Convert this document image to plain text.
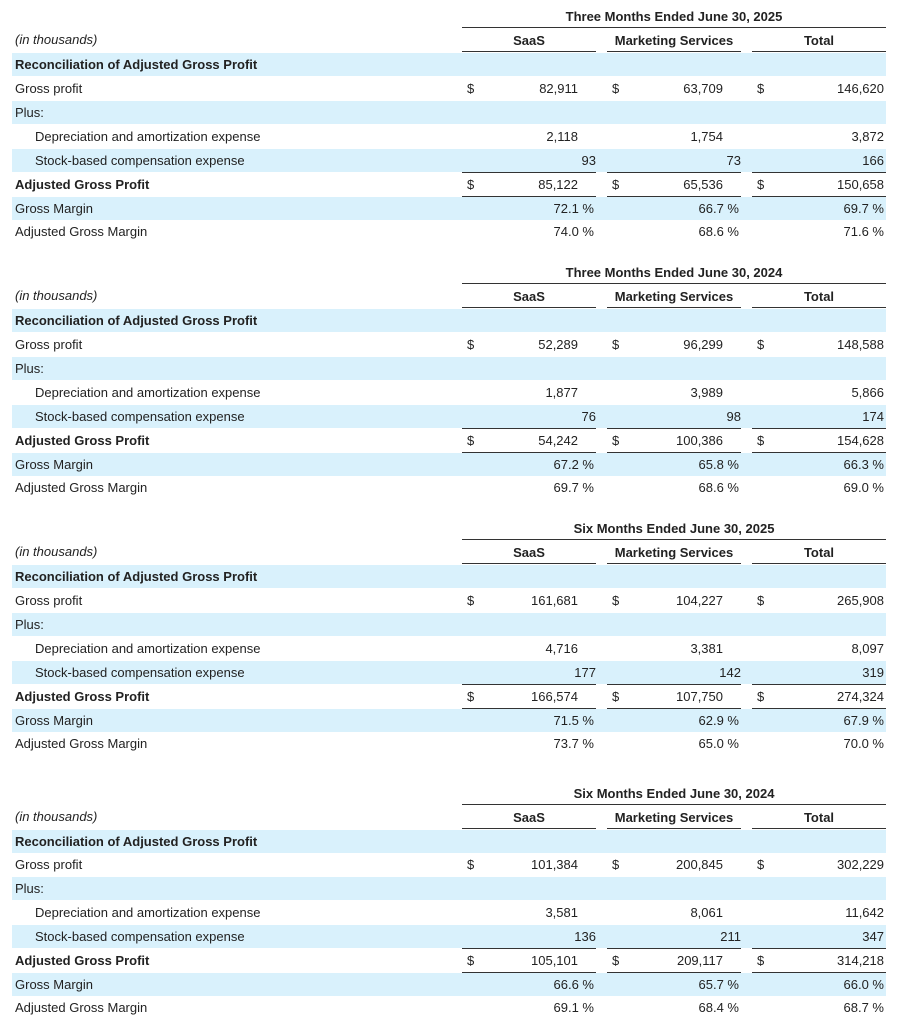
Three Months Ended June 30, 2025
(in thousands)	SaaS	Marketing Services	Total
Reconciliation of Adjusted Gross Profit
Gross profit	$	82,911	$	63,709	$	146,620
Plus:
Depreciation and amortization expense	2,118	1,754	3,872
Stock-based compensation expense	93	73	166
Adjusted Gross Profit	$	85,122	$	65,536	$	150,658
Gross Margin	72.1 %	66.7 %	69.7 %
Adjusted Gross Margin	74.0 %	68.6 %	71.6 %
Three Months Ended June 30, 2024
(in thousands)	SaaS	Marketing Services	Total
Reconciliation of Adjusted Gross Profit
Gross profit	$	52,289	$	96,299	$	148,588
Plus:
Depreciation and amortization expense	1,877	3,989	5,866
Stock-based compensation expense	76	98	174
Adjusted Gross Profit	$	54,242	$	100,386	$	154,628
Gross Margin	67.2 %	65.8 %	66.3 %
Adjusted Gross Margin	69.7 %	68.6 %	69.0 %
Six Months Ended June 30, 2025
(in thousands)	SaaS	Marketing Services	Total
Reconciliation of Adjusted Gross Profit
Gross profit	$	161,681	$	104,227	$	265,908
Plus:
Depreciation and amortization expense	4,716	3,381	8,097
Stock-based compensation expense	177	142	319
Adjusted Gross Profit	$	166,574	$	107,750	$	274,324
Gross Margin	71.5 %	62.9 %	67.9 %
Adjusted Gross Margin	73.7 %	65.0 %	70.0 %
Six Months Ended June 30, 2024
(in thousands)	SaaS	Marketing Services	Total
Reconciliation of Adjusted Gross Profit
Gross profit	$	101,384	$	200,845	$	302,229
Plus:
Depreciation and amortization expense	3,581	8,061	11,642
Stock-based compensation expense	136	211	347
Adjusted Gross Profit	$	105,101	$	209,117	$	314,218
Gross Margin	66.6 %	65.7 %	66.0 %
Adjusted Gross Margin	69.1 %	68.4 %	68.7 %
